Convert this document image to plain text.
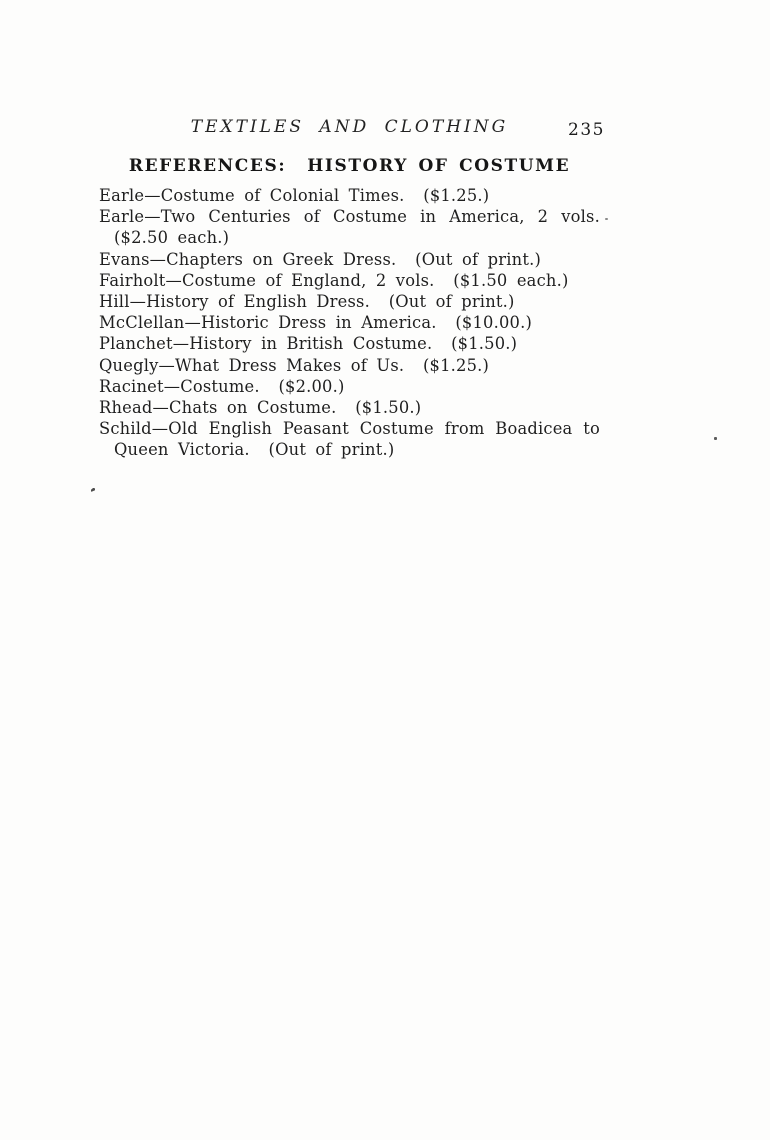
TEXTILES AND CLOTHING	235
REFERENCES:  HISTORY OF COSTUME
Earle—Costume of Colonial Times.  ($1.25.)
Earle—Two Centuries of Costume in America, 2 vols.
($2.50 each.)
Evans—Chapters on Greek Dress.  (Out of print.)
Fairholt—Costume of England, 2 vols.  ($1.50 each.)
Hill—History of English Dress.  (Out of print.)
McClellan—Historic Dress in America.  ($10.00.)
Planchet—History in British Costume.  ($1.50.)
Quegly—What Dress Makes of Us.  ($1.25.)
Racinet—Costume.  ($2.00.)
Rhead—Chats on Costume.  ($1.50.)
Schild—Old English Peasant Costume from Boadicea to
Queen Victoria.  (Out of print.)
